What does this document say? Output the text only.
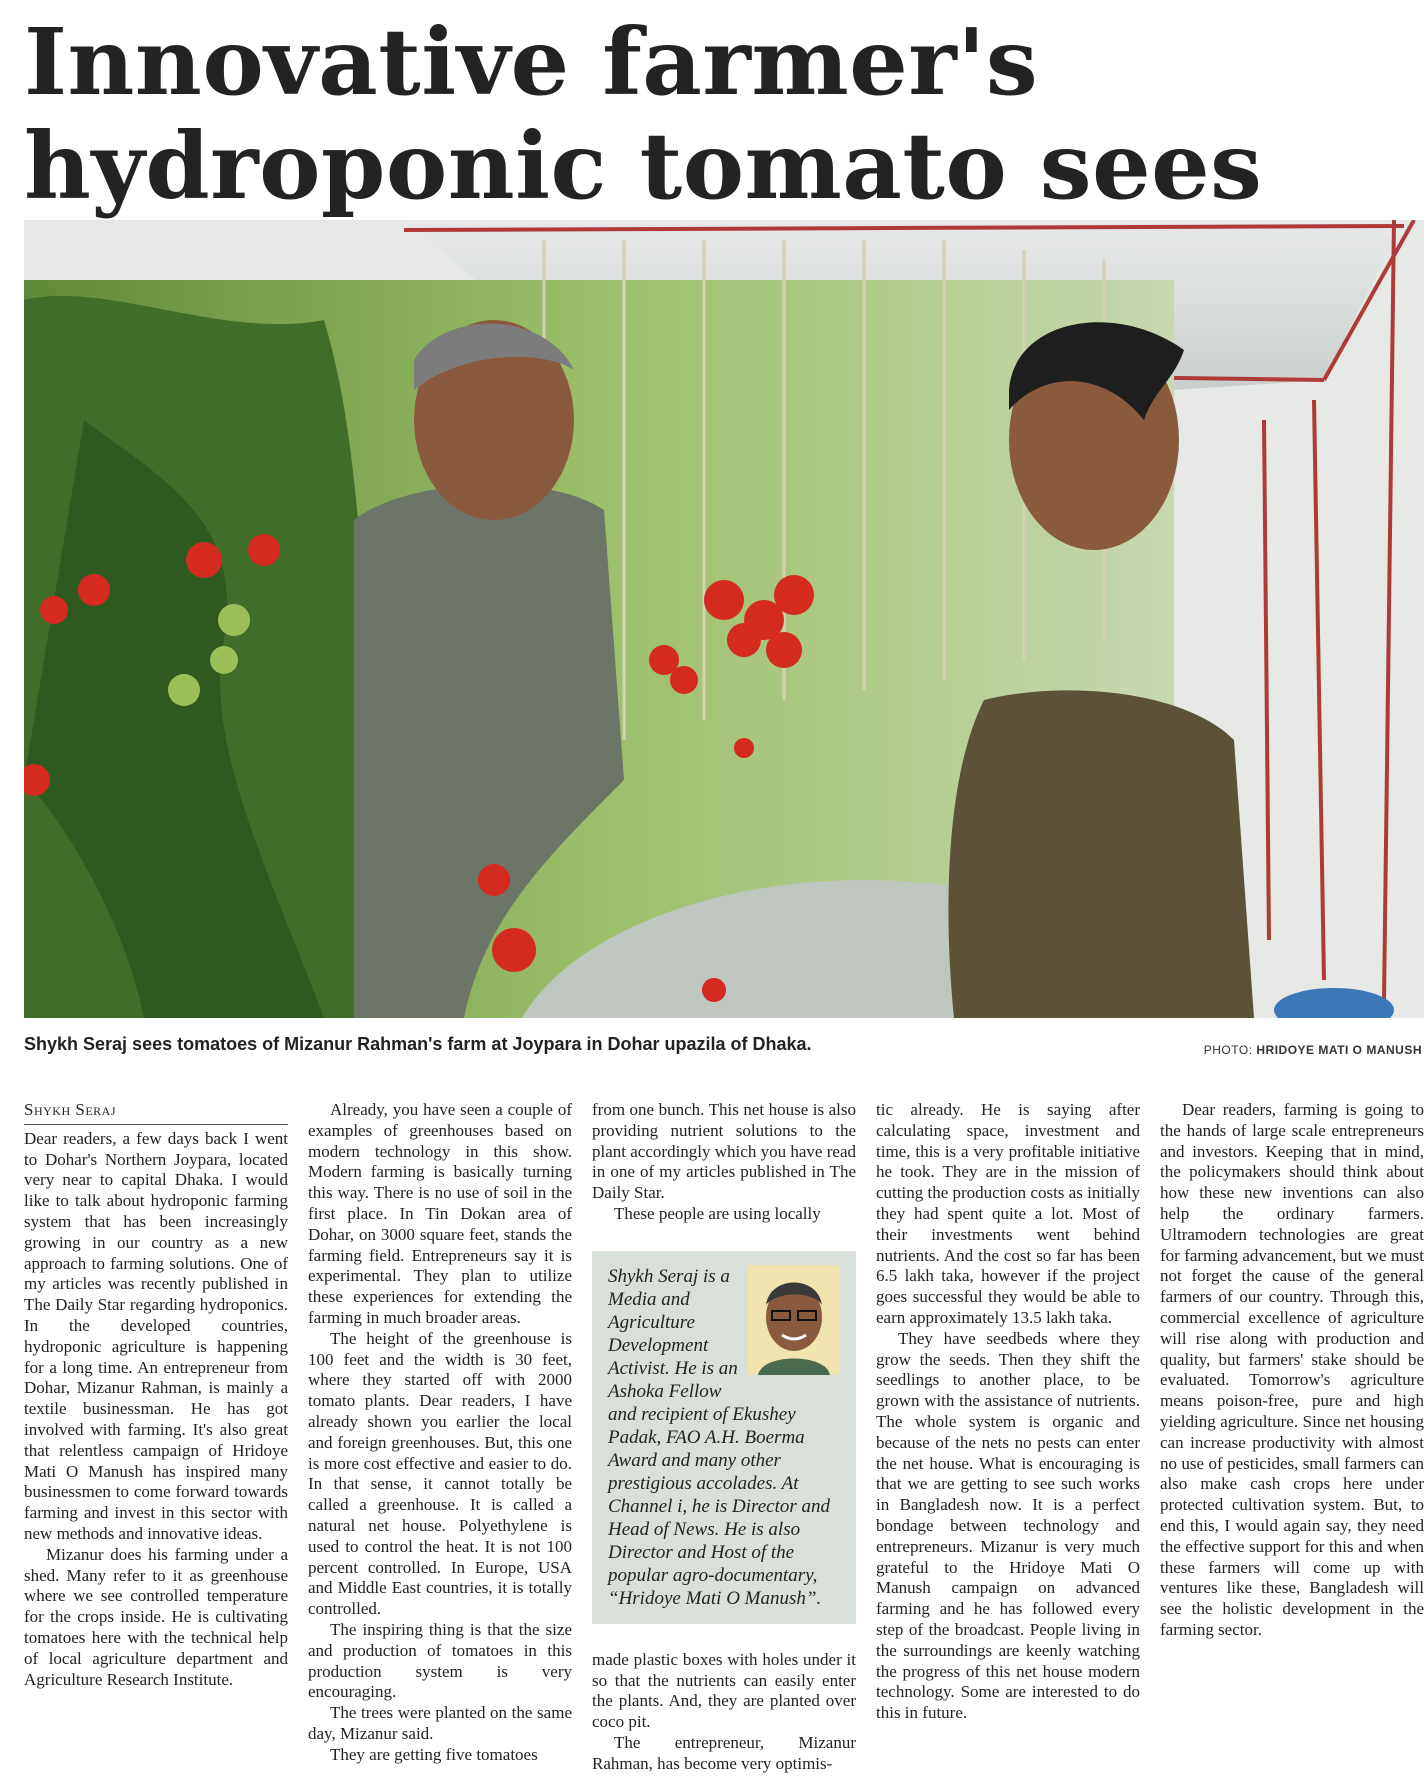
Innovative farmer's hydroponic tomato sees
Shykh Seraj sees tomatoes of Mizanur Rahman's farm at Joypara in Dohar upazila of Dhaka.	PHOTO: HRIDOYE MATI O MANUSH
Shykh Seraj

Dear readers, a few days back I went to Dohar's Northern Joypara, located very near to capital Dhaka. I would like to talk about hydroponic farming system that has been increasingly growing in our country as a new approach to farming solutions. One of my articles was recently published in The Daily Star regarding hydroponics. In the developed countries, hydroponic agriculture is happening for a long time. An entrepreneur from Dohar, Mizanur Rahman, is mainly a textile businessman. He has got involved with farming. It's also great that relentless campaign of Hridoye Mati O Manush has inspired many businessmen to come forward towards farming and invest in this sector with new methods and innovative ideas.

Mizanur does his farming under a shed. Many refer to it as greenhouse where we see controlled temperature for the crops inside. He is cultivating tomatoes here with the technical help of local agriculture department and Agriculture Research Institute.

Already, you have seen a couple of examples of greenhouses based on modern technology in this show. Modern farming is basically turning this way. There is no use of soil in the first place. In Tin Dokan area of Dohar, on 3000 square feet, stands the farming field. Entrepreneurs say it is experimental. They plan to utilize these experiences for extending the farming in much broader areas.

The height of the greenhouse is 100 feet and the width is 30 feet, where they started off with 2000 tomato plants. Dear readers, I have already shown you earlier the local and foreign greenhouses. But, this one is more cost effective and easier to do. In that sense, it cannot totally be called a greenhouse. It is called a natural net house. Polyethylene is used to control the heat. It is not 100 percent controlled. In Europe, USA and Middle East countries, it is totally controlled.

The inspiring thing is that the size and production of tomatoes in this production system is very encouraging.

The trees were planted on the same day, Mizanur said.

They are getting five tomatoes

from one bunch. This net house is also providing nutrient solutions to the plant accordingly which you have read in one of my articles published in The Daily Star.

These people are using locally

Shykh Seraj is a Media and Agriculture Development Activist. He is an Ashoka Fellow and recipient of Ekushey Padak, FAO A.H. Boerma Award and many other prestigious accolades. At Channel i, he is Director and Head of News. He is also Director and Host of the popular agro-documentary, “Hridoye Mati O Manush”.

made plastic boxes with holes under it so that the nutrients can easily enter the plants. And, they are planted over coco pit.

The entrepreneur, Mizanur Rahman, has become very optimis-

tic already. He is saying after calculating space, investment and time, this is a very profitable initiative he took. They are in the mission of cutting the production costs as initially they had spent quite a lot. Most of their investments went behind nutrients. And the cost so far has been 6.5 lakh taka, however if the project goes successful they would be able to earn approximately 13.5 lakh taka.

They have seedbeds where they grow the seeds. Then they shift the seedlings to another place, to be grown with the assistance of nutrients. The whole system is organic and because of the nets no pests can enter the net house. What is encouraging is that we are getting to see such works in Bangladesh now. It is a perfect bondage between technology and entrepreneurs. Mizanur is very much grateful to the Hridoye Mati O Manush campaign on advanced farming and he has followed every step of the broadcast. People living in the surroundings are keenly watching the progress of this net house modern technology. Some are interested to do this in future.

Dear readers, farming is going to the hands of large scale entrepreneurs and investors. Keeping that in mind, the policymakers should think about how these new inventions can also help the ordinary farmers. Ultramodern technologies are great for farming advancement, but we must not forget the cause of the general farmers of our country. Through this, commercial excellence of agriculture will rise along with production and quality, but farmers' stake should be evaluated. Tomorrow's agriculture means poison-free, pure and high yielding agriculture. Since net housing can increase productivity with almost no use of pesticides, small farmers can also make cash crops here under protected cultivation system. But, to end this, I would again say, they need the effective support for this and when these farmers will come up with ventures like these, Bangladesh will see the holistic development in the farming sector.
